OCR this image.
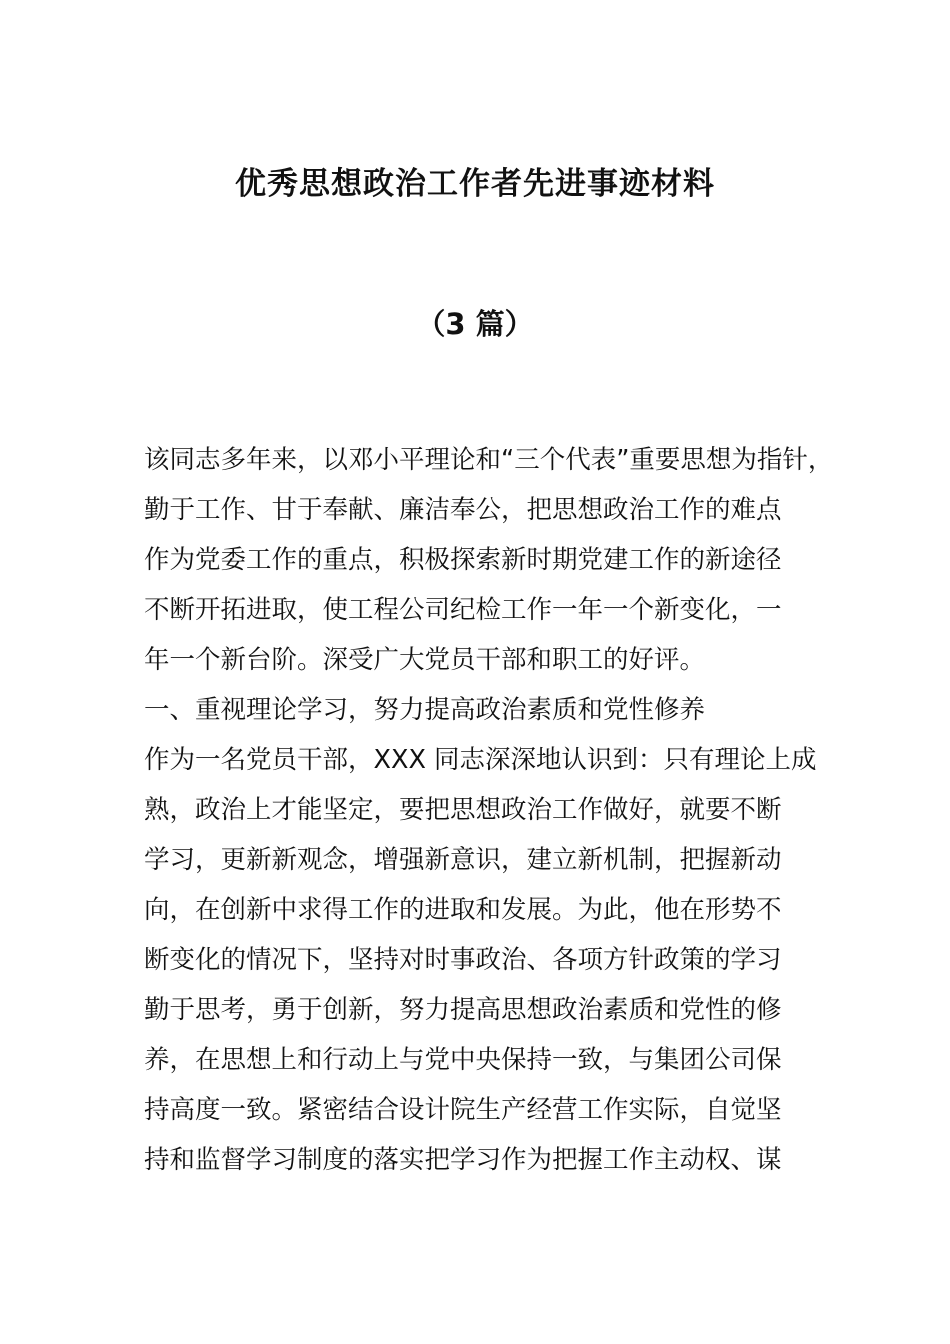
优秀思想政治工作者先进事迹材料
（3 篇）
该同志多年来，以邓小平理论和“三个代表”重要思想为指针，
勤于工作、甘于奉献、廉洁奉公，把思想政治工作的难点
作为党委工作的重点，积极探索新时期党建工作的新途径
不断开拓进取，使工程公司纪检工作一年一个新变化，一
年一个新台阶。深受广大党员干部和职工的好评。
一、重视理论学习，努力提高政治素质和党性修养
作为一名党员干部，XXX 同志深深地认识到：只有理论上成
熟，政治上才能坚定，要把思想政治工作做好，就要不断
学习，更新新观念，增强新意识，建立新机制，把握新动
向，在创新中求得工作的进取和发展。为此，他在形势不
断变化的情况下，坚持对时事政治、各项方针政策的学习
勤于思考，勇于创新，努力提高思想政治素质和党性的修
养，在思想上和行动上与党中央保持一致，与集团公司保
持高度一致。紧密结合设计院生产经营工作实际，自觉坚
持和监督学习制度的落实把学习作为把握工作主动权、谋
